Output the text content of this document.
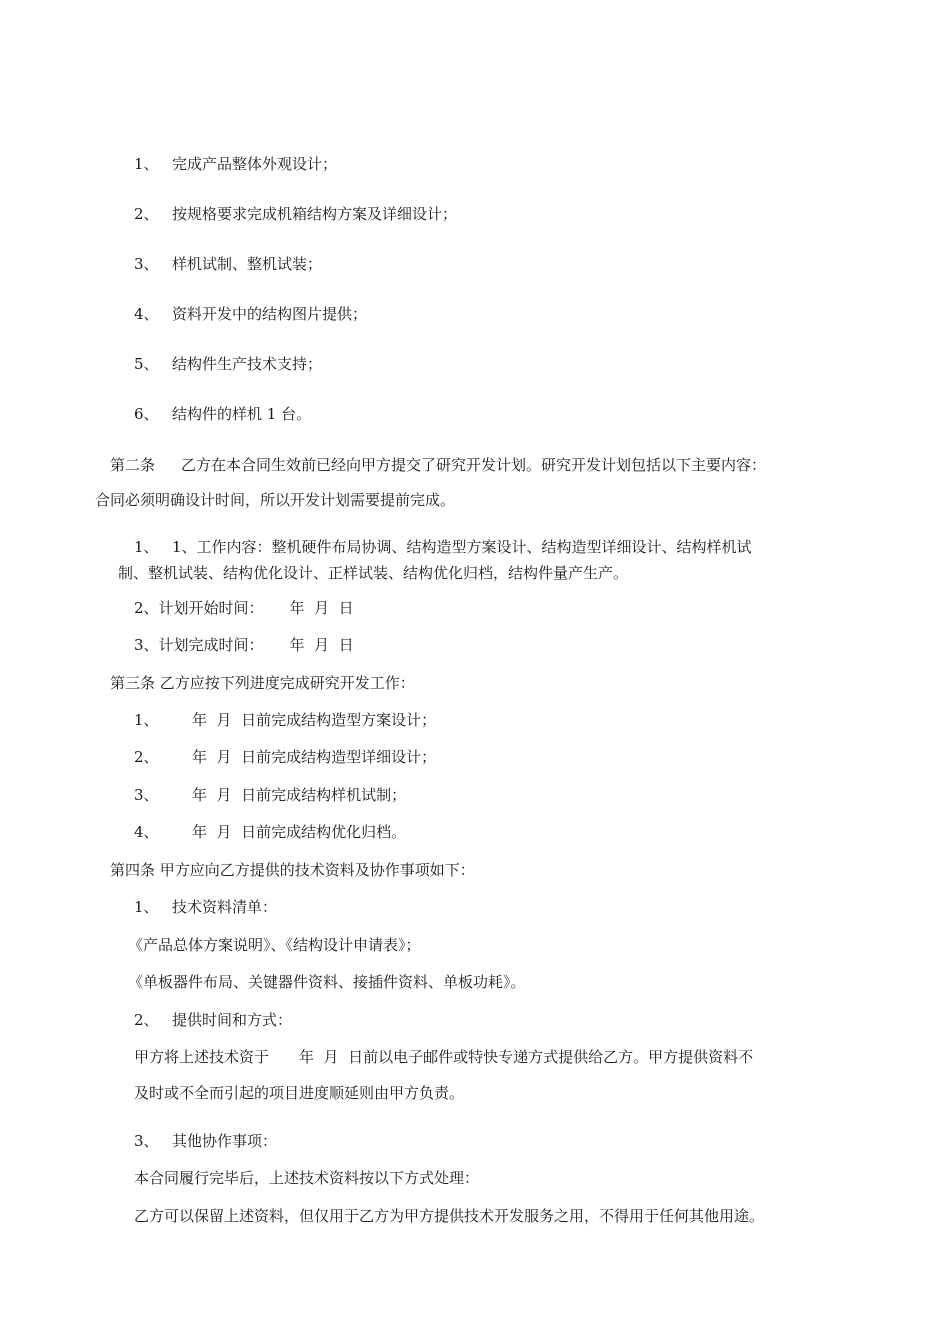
1、 完成产品整体外观设计；
2、 按规格要求完成机箱结构方案及详细设计；
3、 样机试制、整机试装；
4、 资料开发中的结构图片提供；
5、 结构件生产技术支持；
6、 结构件的样机 1 台。
第二条 乙方在本合同生效前已经向甲方提交了研究开发计划。研究开发计划包括以下主要内容：
合同必须明确设计时间，所以开发计划需要提前完成。
1、 1、工作内容：整机硬件布局协调、结构造型方案设计、结构造型详细设计、结构样机试
制、整机试装、结构优化设计、正样试装、结构优化归档，结构件量产生产。
2、计划开始时间： 年  月  日
3、计划完成时间： 年  月  日
第三条 乙方应按下列进度完成研究开发工作：
1、 年  月  日前完成结构造型方案设计；
2、 年  月  日前完成结构造型详细设计；
3、 年  月  日前完成结构样机试制；
4、 年  月  日前完成结构优化归档。
第四条 甲方应向乙方提供的技术资料及协作事项如下：
1、 技术资料清单：
《产品总体方案说明》、《结构设计申请表》；
《单板器件布局、关键器件资料、接插件资料、单板功耗》。
2、 提供时间和方式：
甲方将上述技术资于 年  月  日前以电子邮件或特快专递方式提供给乙方。甲方提供资料不
及时或不全而引起的项目进度顺延则由甲方负责。
3、 其他协作事项：
本合同履行完毕后，上述技术资料按以下方式处理：
乙方可以保留上述资料，但仅用于乙方为甲方提供技术开发服务之用，不得用于任何其他用途。
